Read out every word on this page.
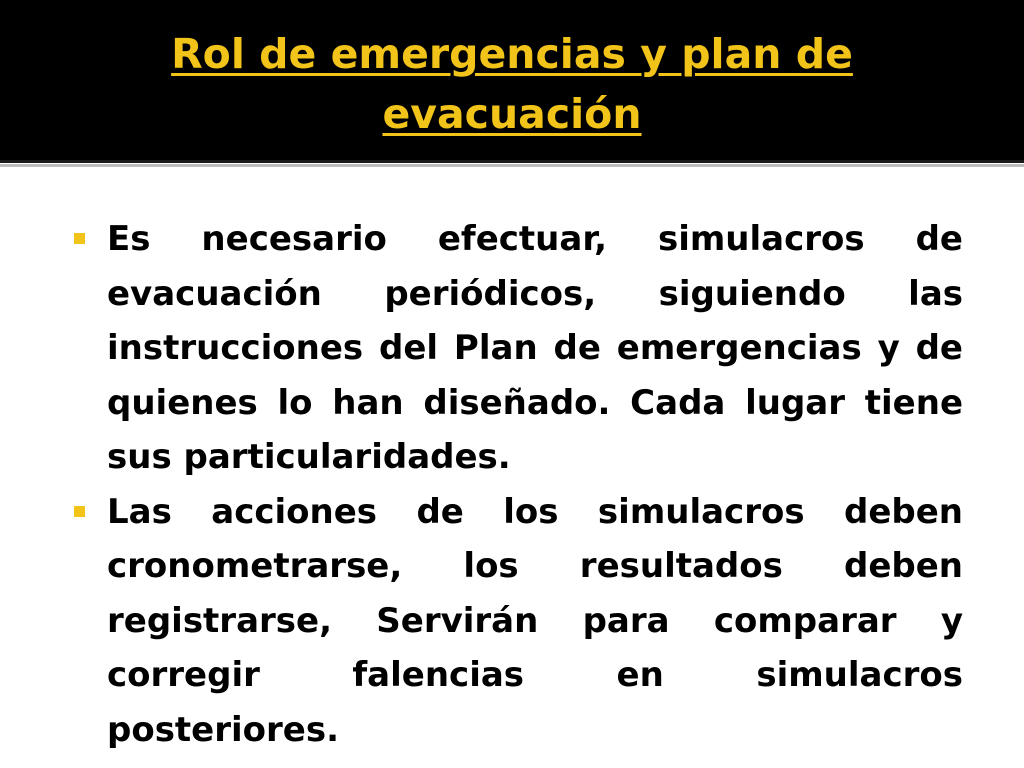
Rol de emergencias y plan de evacuación
Es necesario efectuar, simulacros de evacuación periódicos, siguiendo las instrucciones del Plan de emergencias y de quienes lo han diseñado. Cada lugar tiene sus particularidades.
Las acciones de los simulacros deben cronometrarse, los resultados deben registrarse, Servirán para comparar y corregir falencias en simulacros posteriores.
